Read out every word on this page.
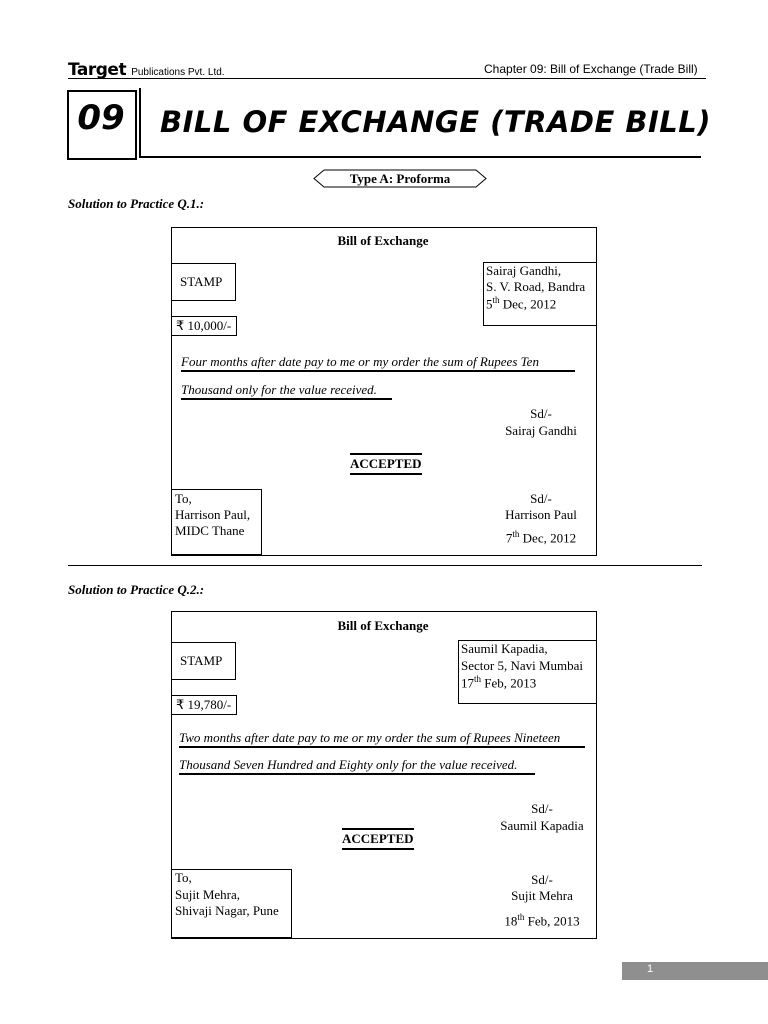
Target Publications Pvt. Ltd.	Chapter 09: Bill of Exchange (Trade Bill)
09 BILL OF EXCHANGE (TRADE BILL)
Type A: Proforma
Solution to Practice Q.1.:
Bill of Exchange
STAMP
Sairaj Gandhi,
S. V. Road, Bandra
5th Dec, 2012
₹ 10,000/-
Four months after date pay to me or my order the sum of Rupees Ten
Thousand only for the value received.
Sd/-
Sairaj Gandhi
ACCEPTED
To,
Harrison Paul,
MIDC Thane
Sd/-
Harrison Paul
7th Dec, 2012
Solution to Practice Q.2.:
Bill of Exchange
STAMP
Saumil Kapadia,
Sector 5, Navi Mumbai
17th Feb, 2013
₹ 19,780/-
Two months after date pay to me or my order the sum of Rupees Nineteen
Thousand Seven Hundred and Eighty only for the value received.
Sd/-
Saumil Kapadia
ACCEPTED
To,
Sujit Mehra,
Shivaji Nagar, Pune
Sd/-
Sujit Mehra
18th Feb, 2013
1
